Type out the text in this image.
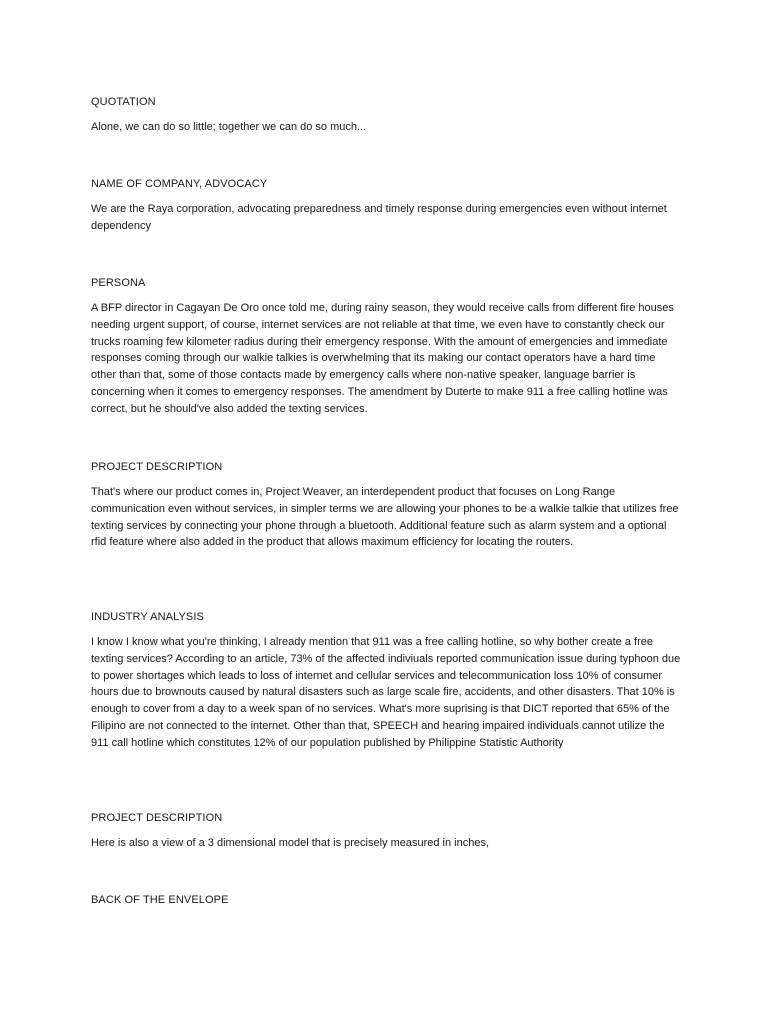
QUOTATION

Alone, we can do so little; together we can do so much...

NAME OF COMPANY, ADVOCACY

We are the Raya corporation, advocating preparedness and timely response during emergencies even without internet dependency

PERSONA

A BFP director in Cagayan De Oro once told me, during rainy season, they would receive calls from different fire houses needing urgent support, of course, internet services are not reliable at that time, we even have to constantly check our trucks roaming few kilometer radius during their emergency response. With the amount of emergencies and immediate responses coming through our walkie talkies is overwhelming that its making our contact operators have a hard time other than that, some of those contacts made by emergency calls where non-native speaker, language barrier is concerning when it comes to emergency responses. The amendment by Duterte to make 911 a free calling hotline was correct, but he should've also added the texting services.

PROJECT DESCRIPTION

That's where our product comes in, Project Weaver, an interdependent product that focuses on Long Range communication even without services, in simpler terms we are allowing your phones to be a walkie talkie that utilizes free texting services by connecting your phone through a bluetooth. Additional feature such as alarm system and a optional rfid feature where also added in the product that allows maximum efficiency for locating the routers.

INDUSTRY ANALYSIS

I know I know what you're thinking, I already mention that 911 was a free calling hotline, so why bother create a free texting services? According to an article, 73% of the affected indiviuals reported communication issue during typhoon due to power shortages which leads to loss of internet and cellular services and telecommunication loss 10% of consumer hours due to brownouts caused by natural disasters such as large scale fire, accidents, and other disasters. That 10% is enough to cover from a day to a week span of no services. What's more suprising is that DICT reported that 65% of the Filipino are not connected to the internet. Other than that, SPEECH and hearing impaired individuals cannot utilize the 911 call hotline which constitutes 12% of our population published by Philippine Statistic Authority

PROJECT DESCRIPTION

Here is also a view of a 3 dimensional model that is precisely measured in inches,

BACK OF THE ENVELOPE
